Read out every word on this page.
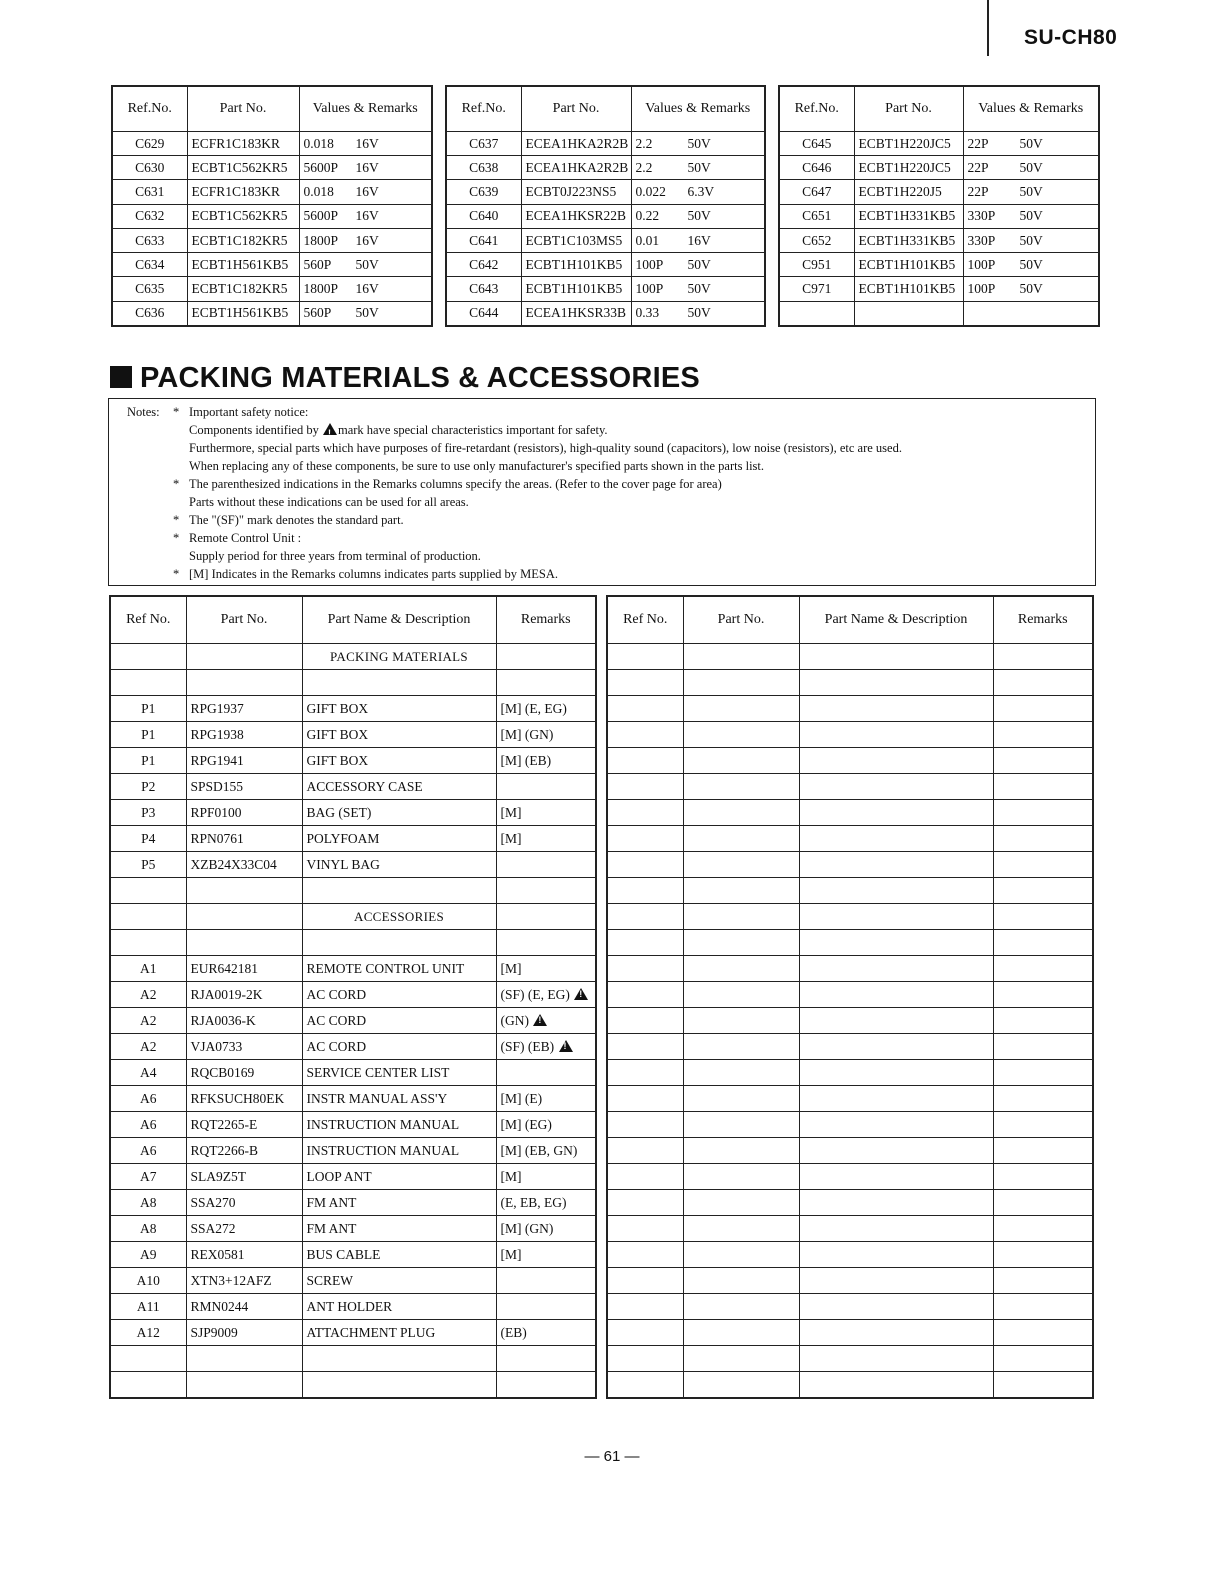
SU-CH80
Ref.No.	Part No.	Values & Remarks
C629	ECFR1C183KR	0.018 16V
C630	ECBT1C562KR5	5600P 16V
C631	ECFR1C183KR	0.018 16V
C632	ECBT1C562KR5	5600P 16V
C633	ECBT1C182KR5	1800P 16V
C634	ECBT1H561KB5	560P 50V
C635	ECBT1C182KR5	1800P 16V
C636	ECBT1H561KB5	560P 50V
Ref.No.	Part No.	Values & Remarks
C637	ECEA1HKA2R2B	2.2 50V
C638	ECEA1HKA2R2B	2.2 50V
C639	ECBT0J223NS5	0.022 6.3V
C640	ECEA1HKSR22B	0.22 50V
C641	ECBT1C103MS5	0.01 16V
C642	ECBT1H101KB5	100P 50V
C643	ECBT1H101KB5	100P 50V
C644	ECEA1HKSR33B	0.33 50V
Ref.No.	Part No.	Values & Remarks
C645	ECBT1H220JC5	22P 50V
C646	ECBT1H220JC5	22P 50V
C647	ECBT1H220J5	22P 50V
C651	ECBT1H331KB5	330P 50V
C652	ECBT1H331KB5	330P 50V
C951	ECBT1H101KB5	100P 50V
C971	ECBT1H101KB5	100P 50V

PACKING MATERIALS & ACCESSORIES
Notes: * Important safety notice:
Components identified by ! mark have special characteristics important for safety.
Furthermore, special parts which have purposes of fire-retardant (resistors), high-quality sound (capacitors), low noise (resistors), etc are used.
When replacing any of these components, be sure to use only manufacturer's specified parts shown in the parts list.
* The parenthesized indications in the Remarks columns specify the areas. (Refer to the cover page for area)
Parts without these indications can be used for all areas.
* The "(SF)" mark denotes the standard part.
* Remote Control Unit :
Supply period for three years from terminal of production.
* [M] Indicates in the Remarks columns indicates parts supplied by MESA.
Ref No.	Part No.	Part Name & Description	Remarks
		PACKING MATERIALS	

P1	RPG1937	GIFT BOX	[M] (E, EG)
P1	RPG1938	GIFT BOX	[M] (GN)
P1	RPG1941	GIFT BOX	[M] (EB)
P2	SPSD155	ACCESSORY CASE	
P3	RPF0100	BAG (SET)	[M]
P4	RPN0761	POLYFOAM	[M]
P5	XZB24X33C04	VINYL BAG	

		ACCESSORIES	

A1	EUR642181	REMOTE CONTROL UNIT	[M]
A2	RJA0019-2K	AC CORD	(SF) (E, EG) !
A2	RJA0036-K	AC CORD	(GN) !
A2	VJA0733	AC CORD	(SF) (EB) !
A4	RQCB0169	SERVICE CENTER LIST	
A6	RFKSUCH80EK	INSTR MANUAL ASS'Y	[M] (E)
A6	RQT2265-E	INSTRUCTION MANUAL	[M] (EG)
A6	RQT2266-B	INSTRUCTION MANUAL	[M] (EB, GN)
A7	SLA9Z5T	LOOP ANT	[M]
A8	SSA270	FM ANT	(E, EB, EG)
A8	SSA272	FM ANT	[M] (GN)
A9	REX0581	BUS CABLE	[M]
A10	XTN3+12AFZ	SCREW	
A11	RMN0244	ANT HOLDER	
A12	SJP9009	ATTACHMENT PLUG	(EB)

Ref No.	Part No.	Part Name & Description	Remarks

— 61 —
